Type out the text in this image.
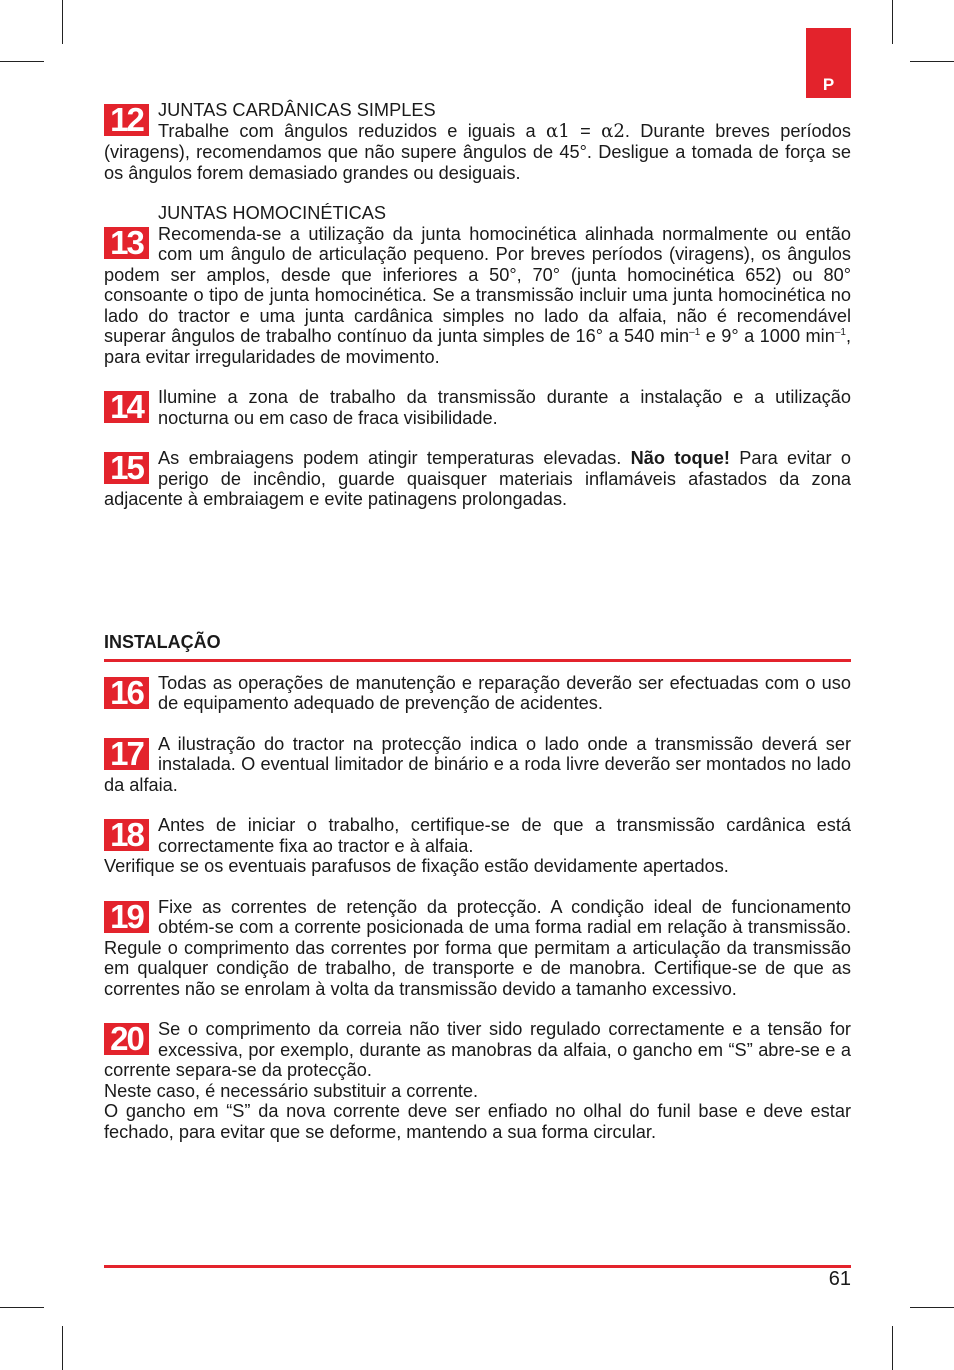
P
12 JUNTAS CARDÂNICAS SIMPLES
Trabalhe com ângulos reduzidos e iguais a α1 = α2. Durante breves períodos (viragens), recomendamos que não supere ângulos de 45°. Desligue a tomada de força se os ângulos forem demasiado grandes ou desiguais.

13

JUNTAS HOMOCINÉTICAS
Recomenda-se a utilização da junta homocinética alinhada normalmente ou então com um ângulo de articulação pequeno. Por breves períodos (viragens), os ângulos podem ser amplos, desde que inferiores a 50°, 70° (junta homocinética 652) ou 80° consoante o tipo de junta homocinética. Se a transmissão incluir uma junta homocinética no lado do tractor e uma junta cardânica simples no lado da alfaia, não é recomendável superar ângulos de trabalho contínuo da junta simples de 16° a 540 $\min^{-1} e$ 9° a 1000 $\min^{-1}$, para evitar irregularidades de movimento.

14 Ilumine a zona de trabalho da transmissão durante a instalação e a utilização nocturna ou em caso de fraca visibilidade.

15 As embraiagens podem atingir temperaturas elevadas. Não toque! Para evitar o perigo de incêndio, guarde quaisquer materiais inflamáveis afastados da zona adjacente à embraiagem e evite patinagens prolongadas.

INSTALAÇÃO

16 Todas as operações de manutenção e reparação deverão ser efectuadas com o uso de equipamento adequado de prevenção de acidentes.

17 A ilustração do tractor na protecção indica o lado onde a transmissão deverá ser instalada. O eventual limitador de binário e a roda livre deverão ser montados no lado da alfaia.

18 Antes de iniciar o trabalho, certifique-se de que a transmissão cardânica está correctamente fixa ao tractor e à alfaia.
Verifique se os eventuais parafusos de fixação estão devidamente apertados.

19 Fixe as correntes de retenção da protecção. A condição ideal de funcionamento obtém-se com a corrente posicionada de uma forma radial em relação à transmissão. Regule o comprimento das correntes por forma que permitam a articulação da transmissão em qualquer condição de trabalho, de transporte e de manobra. Certifique-se de que as correntes não se enrolam à volta da transmissão devido a tamanho excessivo.

20 Se o comprimento da correia não tiver sido regulado correctamente e a tensão for excessiva, por exemplo, durante as manobras da alfaia, o gancho em “S” abre-se e a corrente separa-se da protecção.
Neste caso, é necessário substituir a corrente.
O gancho em “S” da nova corrente deve ser enfiado no olhal do funil base e deve estar fechado, para evitar que se deforme, mantendo a sua forma circular.

61
